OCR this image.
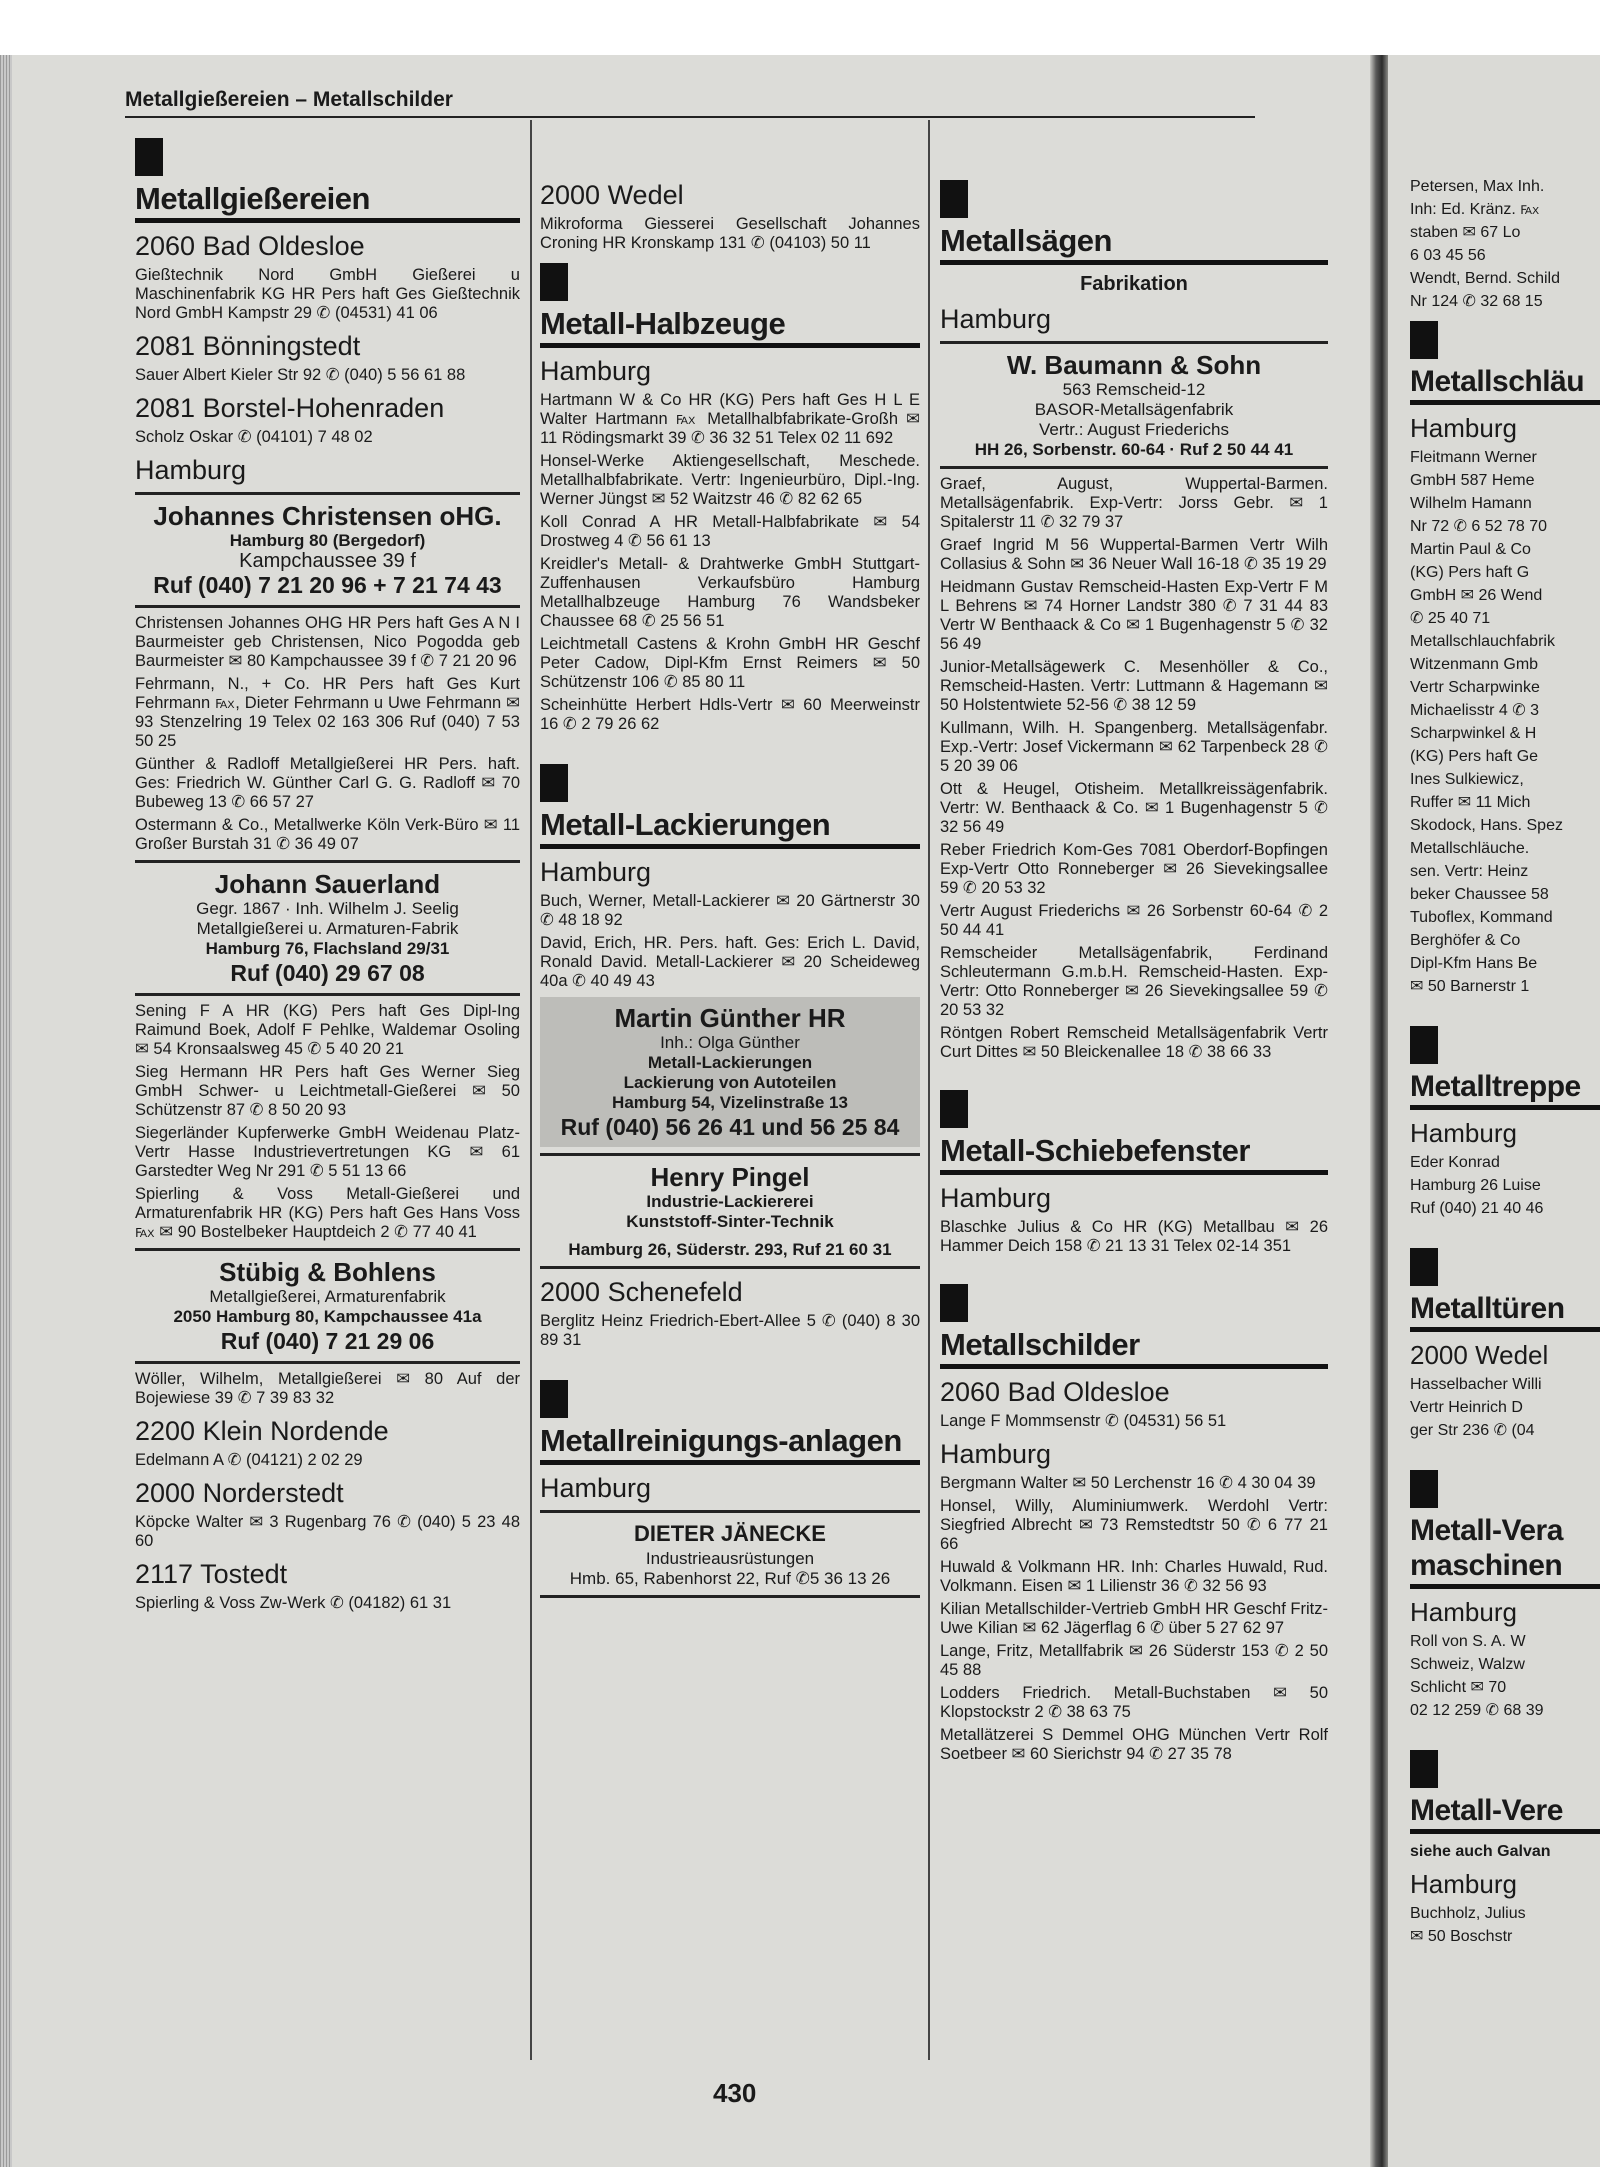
Metallgießereien – Metallschilder
Metallgießereien
2060 Bad Oldesloe
Gießtechnik Nord GmbH Gießerei u Maschinenfabrik KG HR Pers haft Ges Gießtechnik Nord GmbH Kampstr 29 ✆ (04531) 41 06
2081 Bönningstedt
Sauer Albert Kieler Str 92 ✆ (040) 5 56 61 88
2081 Borstel-Hohenraden
Scholz Oskar ✆ (04101) 7 48 02
Hamburg
Johannes Christensen oHG.
Hamburg 80 (Bergedorf)
Kampchaussee 39 f
Ruf (040) 7 21 20 96 + 7 21 74 43
Christensen Johannes OHG HR Pers haft Ges A N I Baurmeister geb Christensen, Nico Pogodda geb Baurmeister ✉ 80 Kampchaussee 39 f ✆ 7 21 20 96
Fehrmann, N., + Co. HR Pers haft Ges Kurt Fehrmann ℻, Dieter Fehrmann u Uwe Fehrmann ✉ 93 Stenzelring 19 Telex 02 163 306 Ruf (040) 7 53 50 25
Günther & Radloff Metallgießerei HR Pers. haft. Ges: Friedrich W. Günther Carl G. G. Radloff ✉ 70 Bubeweg 13 ✆ 66 57 27
Ostermann & Co., Metallwerke Köln Verk-Büro ✉ 11 Großer Burstah 31 ✆ 36 49 07
Johann Sauerland
Gegr. 1867 · Inh. Wilhelm J. Seelig
Metallgießerei u. Armaturen-Fabrik
Hamburg 76, Flachsland 29/31
Ruf (040) 29 67 08
Sening F A HR (KG) Pers haft Ges Dipl-Ing Raimund Boek, Adolf F Pehlke, Waldemar Osoling ✉ 54 Kronsaalsweg 45 ✆ 5 40 20 21
Sieg Hermann HR Pers haft Ges Werner Sieg GmbH Schwer- u Leichtmetall-Gießerei ✉ 50 Schützenstr 87 ✆ 8 50 20 93
Siegerländer Kupferwerke GmbH Weidenau Platz-Vertr Hasse Industrievertretungen KG ✉ 61 Garstedter Weg Nr 291 ✆ 5 51 13 66
Spierling & Voss Metall-Gießerei und Armaturenfabrik HR (KG) Pers haft Ges Hans Voss ℻ ✉ 90 Bostelbeker Hauptdeich 2 ✆ 77 40 41
Stübig & Bohlens
Metallgießerei, Armaturenfabrik
2050 Hamburg 80, Kampchaussee 41a
Ruf (040) 7 21 29 06
Wöller, Wilhelm, Metallgießerei ✉ 80 Auf der Bojewiese 39 ✆ 7 39 83 32
2200 Klein Nordende
Edelmann A ✆ (04121) 2 02 29
2000 Norderstedt
Köpcke Walter ✉ 3 Rugenbarg 76 ✆ (040) 5 23 48 60
2117 Tostedt
Spierling & Voss Zw-Werk ✆ (04182) 61 31
2000 Wedel
Mikroforma Giesserei Gesellschaft Johannes Croning HR Kronskamp 131 ✆ (04103) 50 11
Metall-Halbzeuge
Hamburg
Hartmann W & Co HR (KG) Pers haft Ges H L E Walter Hartmann ℻ Metallhalbfabrikate-Großh ✉ 11 Rödingsmarkt 39 ✆ 36 32 51 Telex 02 11 692
Honsel-Werke Aktiengesellschaft, Meschede. Metallhalbfabrikate. Vertr: Ingenieurbüro, Dipl.-Ing. Werner Jüngst ✉ 52 Waitzstr 46 ✆ 82 62 65
Koll Conrad A HR Metall-Halbfabrikate ✉ 54 Drostweg 4 ✆ 56 61 13
Kreidler's Metall- & Drahtwerke GmbH Stuttgart-Zuffenhausen Verkaufsbüro Hamburg Metallhalbzeuge Hamburg 76 Wandsbeker Chaussee 68 ✆ 25 56 51
Leichtmetall Castens & Krohn GmbH HR Geschf Peter Cadow, Dipl-Kfm Ernst Reimers ✉ 50 Schützenstr 106 ✆ 85 80 11
Scheinhütte Herbert Hdls-Vertr ✉ 60 Meerweinstr 16 ✆ 2 79 26 62
Metall-Lackierungen
Hamburg
Buch, Werner, Metall-Lackierer ✉ 20 Gärtnerstr 30 ✆ 48 18 92
David, Erich, HR. Pers. haft. Ges: Erich L. David, Ronald David. Metall-Lackierer ✉ 20 Scheideweg 40a ✆ 40 49 43
Martin Günther HR
Inh.: Olga Günther
Metall-Lackierungen
Lackierung von Autoteilen
Hamburg 54, Vizelinstraße 13
Ruf (040) 56 26 41 und 56 25 84
Henry Pingel
Industrie-Lackiererei
Kunststoff-Sinter-Technik
Hamburg 26, Süderstr. 293, Ruf 21 60 31
2000 Schenefeld
Berglitz Heinz Friedrich-Ebert-Allee 5 ✆ (040) 8 30 89 31
Metallreinigungs-anlagen
Hamburg
DIETER JÄNECKE
Industrieausrüstungen
Hmb. 65, Rabenhorst 22, Ruf ✆5 36 13 26
Metallsägen
Fabrikation
Hamburg
W. Baumann & Sohn
563 Remscheid-12
BASOR-Metallsägenfabrik
Vertr.: August Friederichs
HH 26, Sorbenstr. 60-64 · Ruf 2 50 44 41
Graef, August, Wuppertal-Barmen. Metallsägenfabrik. Exp-Vertr: Jorss Gebr. ✉ 1 Spitalerstr 11 ✆ 32 79 37
Graef Ingrid M 56 Wuppertal-Barmen Vertr Wilh Collasius & Sohn ✉ 36 Neuer Wall 16-18 ✆ 35 19 29
Heidmann Gustav Remscheid-Hasten Exp-Vertr F M L Behrens ✉ 74 Horner Landstr 380 ✆ 7 31 44 83 Vertr W Benthaack & Co ✉ 1 Bugenhagenstr 5 ✆ 32 56 49
Junior-Metallsägewerk C. Mesenhöller & Co., Remscheid-Hasten. Vertr: Luttmann & Hagemann ✉ 50 Holstentwiete 52-56 ✆ 38 12 59
Kullmann, Wilh. H. Spangenberg. Metallsägenfabr. Exp.-Vertr: Josef Vickermann ✉ 62 Tarpenbeck 28 ✆ 5 20 39 06
Ott & Heugel, Otisheim. Metallkreissägenfabrik. Vertr: W. Benthaack & Co. ✉ 1 Bugenhagenstr 5 ✆ 32 56 49
Reber Friedrich Kom-Ges 7081 Oberdorf-Bopfingen Exp-Vertr Otto Ronneberger ✉ 26 Sievekingsallee 59 ✆ 20 53 32
Vertr August Friederichs ✉ 26 Sorbenstr 60-64 ✆ 2 50 44 41
Remscheider Metallsägenfabrik, Ferdinand Schleutermann G.m.b.H. Remscheid-Hasten. Exp-Vertr: Otto Ronneberger ✉ 26 Sievekingsallee 59 ✆ 20 53 32
Röntgen Robert Remscheid Metallsägenfabrik Vertr Curt Dittes ✉ 50 Bleickenallee 18 ✆ 38 66 33
Metall-Schiebefenster
Hamburg
Blaschke Julius & Co HR (KG) Metallbau ✉ 26 Hammer Deich 158 ✆ 21 13 31 Telex 02-14 351
Metallschilder
2060 Bad Oldesloe
Lange F Mommsenstr ✆ (04531) 56 51
Hamburg
Bergmann Walter ✉ 50 Lerchenstr 16 ✆ 4 30 04 39
Honsel, Willy, Aluminiumwerk. Werdohl Vertr: Siegfried Albrecht ✉ 73 Remstedtstr 50 ✆ 6 77 21 66
Huwald & Volkmann HR. Inh: Charles Huwald, Rud. Volkmann. Eisen ✉ 1 Lilienstr 36 ✆ 32 56 93
Kilian Metallschilder-Vertrieb GmbH HR Geschf Fritz-Uwe Kilian ✉ 62 Jägerflag 6 ✆ über 5 27 62 97
Lange, Fritz, Metallfabrik ✉ 26 Süderstr 153 ✆ 2 50 45 88
Lodders Friedrich. Metall-Buchstaben ✉ 50 Klopstockstr 2 ✆ 38 63 75
Metallätzerei S Demmel OHG München Vertr Rolf Soetbeer ✉ 60 Sierichstr 94 ✆ 27 35 78
Petersen, Max Inh.
Inh: Ed. Kränz. ℻
staben ✉ 67 Lo
6 03 45 56
Wendt, Bernd. Schild
Nr 124 ✆ 32 68 15
Metallschläu
Hamburg
Fleitmann Werner
GmbH 587 Heme
Wilhelm Hamann
Nr 72 ✆ 6 52 78 70
Martin Paul & Co
(KG) Pers haft G
GmbH ✉ 26 Wend
✆ 25 40 71
Metallschlauchfabrik
Witzenmann Gmb
Vertr Scharpwinke
Michaelisstr 4 ✆ 3
Scharpwinkel & H
(KG) Pers haft Ge
Ines Sulkiewicz,
Ruffer ✉ 11 Mich
Skodock, Hans. Spez
Metallschläuche.
sen. Vertr: Heinz
beker Chaussee 58
Tuboflex, Kommand
Berghöfer & Co
Dipl-Kfm Hans Be
✉ 50 Barnerstr 1
Metalltreppe
Hamburg
Eder Konrad
Hamburg 26 Luise
Ruf (040) 21 40 46
Metalltüren
2000 Wedel
Hasselbacher Willi
Vertr Heinrich D
ger Str 236 ✆ (04
Metall-Vera
maschinen
Hamburg
Roll von S. A. W
Schweiz, Walzw
Schlicht ✉ 70
02 12 259 ✆ 68 39
Metall-Vere
siehe auch Galvan
Hamburg
Buchholz, Julius
✉ 50 Boschstr
430
